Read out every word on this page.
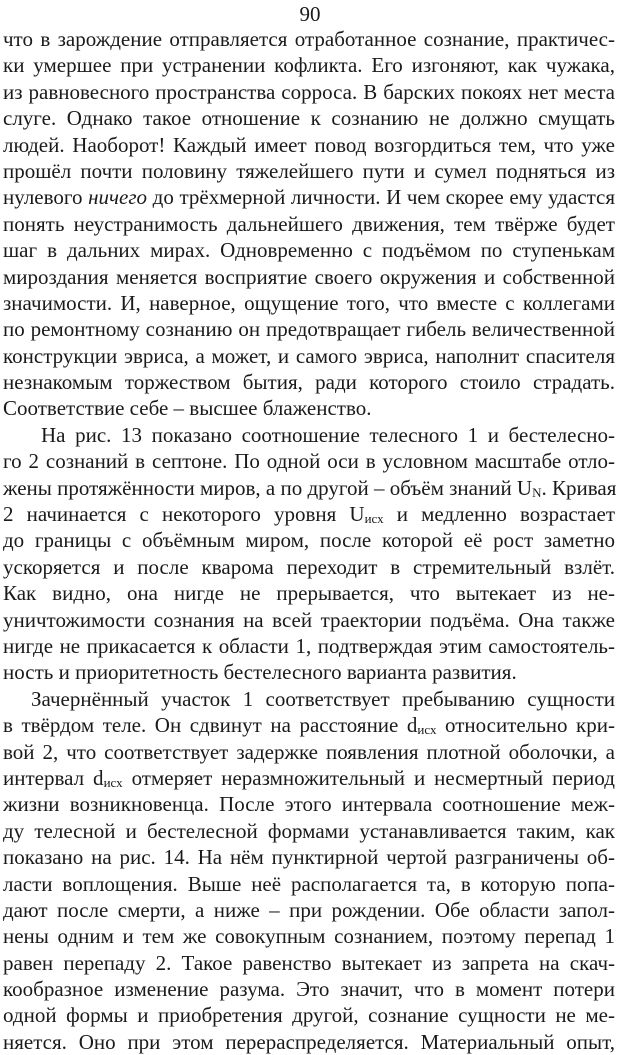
90
что в зарождение отправляется отработанное сознание, практичес-
ки умершее при устранении кофликта. Его изгоняют, как чужака,
из равновесного пространства сорроса. В барских покоях нет места
слуге. Однако такое отношение к сознанию не должно смущать
людей. Наоборот! Каждый имеет повод возгордиться тем, что уже
прошёл почти половину тяжелейшего пути и сумел подняться из
нулевого ничего до трёхмерной личности. И чем скорее ему удастся
понять неустранимость дальнейшего движения, тем твёрже будет
шаг в дальних мирах. Одновременно с подъёмом по ступенькам
мироздания меняется восприятие своего окружения и собственной
значимости. И, наверное, ощущение того, что вместе с коллегами
по ремонтному сознанию он предотвращает гибель величественной
конструкции эвриса, а может, и самого эвриса, наполнит спасителя
незнакомым торжеством бытия, ради которого стоило страдать.
Соответствие себе – высшее блаженство.
На рис. 13 показано соотношение телесного 1 и бестелесно-
го 2 сознаний в септоне. По одной оси в условном масштабе отло-
жены протяжённости миров, а по другой – объём знаний $U_N$. Кривая
2 начинается с некоторого уровня $U_{исх}$ и медленно возрастает
до границы с объёмным миром, после которой её рост заметно
ускоряется и после кваpома переходит в стремительный взлёт.
Как видно, она нигде не прерывается, что вытекает из не-
уничтожимости сознания на всей траектории подъёма. Она также
нигде не прикасается к области 1, подтверждая этим самостоятель-
ность и приоритетность бестелесного варианта развития.
Зачернённый участок 1 соответствует пребыванию сущности
в твёрдом теле. Он сдвинут на расстояние $d_{исх}$ относительно кри-
вой 2, что соответствует задержке появления плотной оболочки, а
интервал $d_{исх}$ отмеряет неразмножительный и несмертный период
жизни возникновенца. После этого интервала соотношение меж-
ду телесной и бестелесной формами устанавливается таким, как
показано на рис. 14. На нём пунктирной чертой разграничены об-
ласти воплощения. Выше неё располагается та, в которую попа-
дают после смерти, а ниже – при рождении. Обе области запол-
нены одним и тем же совокупным сознанием, поэтому перепад 1
равен перепаду 2. Такое равенство вытекает из запрета на скач-
кообразное изменение разума. Это значит, что в момент потери
одной формы и приобретения другой, сознание сущности не ме-
няется. Оно при этом перераспределяется. Материальный опыт,
